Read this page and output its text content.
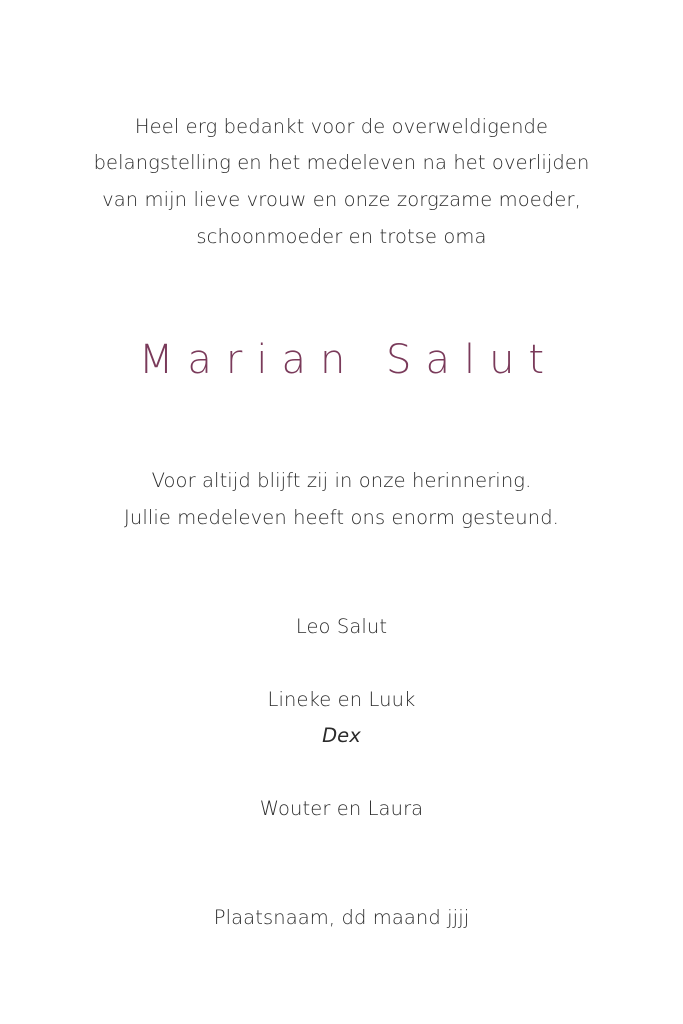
Heel erg bedankt voor de overweldigende
belangstelling en het medeleven na het overlijden
van mijn lieve vrouw en onze zorgzame moeder,
schoonmoeder en trotse oma
Marian Salut
Voor altijd blijft zij in onze herinnering.
Jullie medeleven heeft ons enorm gesteund.
Leo Salut
Lineke en Luuk
Dex
Wouter en Laura
Plaatsnaam, dd maand jjjj
